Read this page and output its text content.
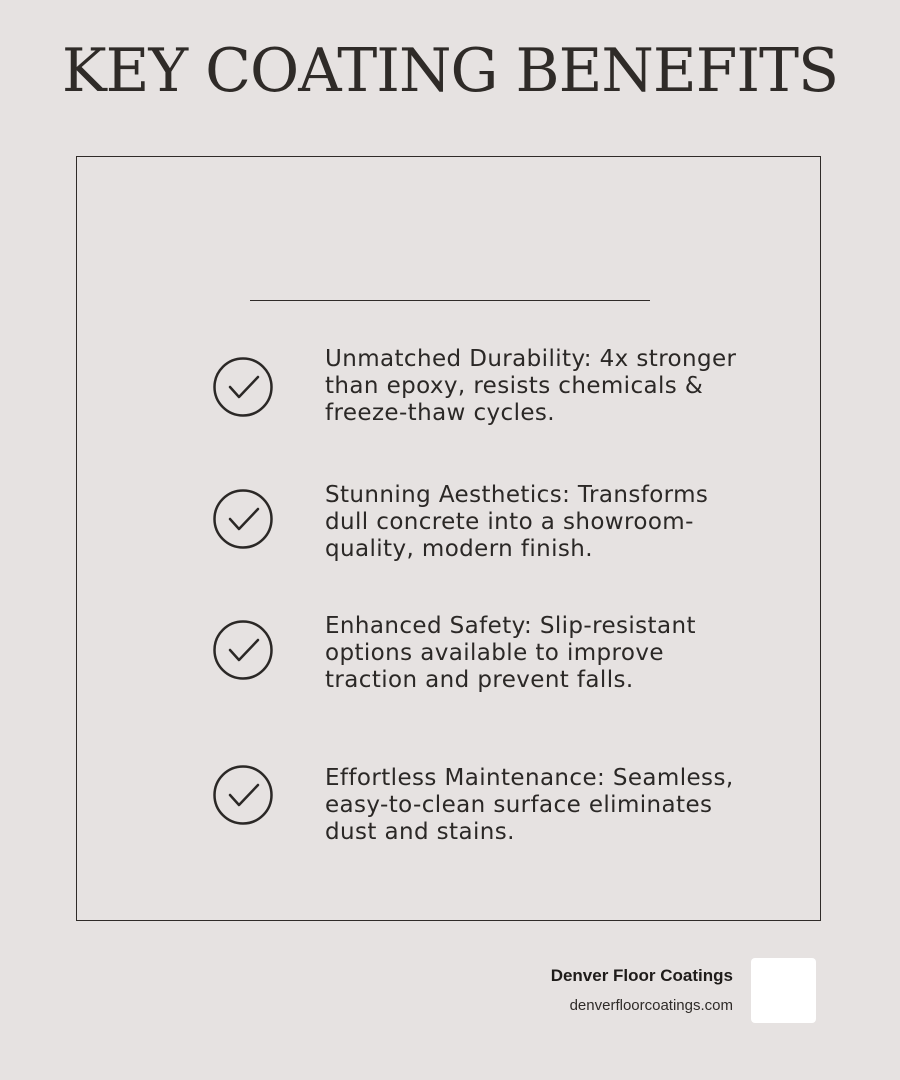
KEY COATING BENEFITS
Unmatched Durability: 4x stronger than epoxy, resists chemicals & freeze-thaw cycles.
Stunning Aesthetics: Transforms dull concrete into a showroom-quality, modern finish.
Enhanced Safety: Slip-resistant options available to improve traction and prevent falls.
Effortless Maintenance: Seamless, easy-to-clean surface eliminates dust and stains.
Denver Floor Coatings
denverfloorcoatings.com
